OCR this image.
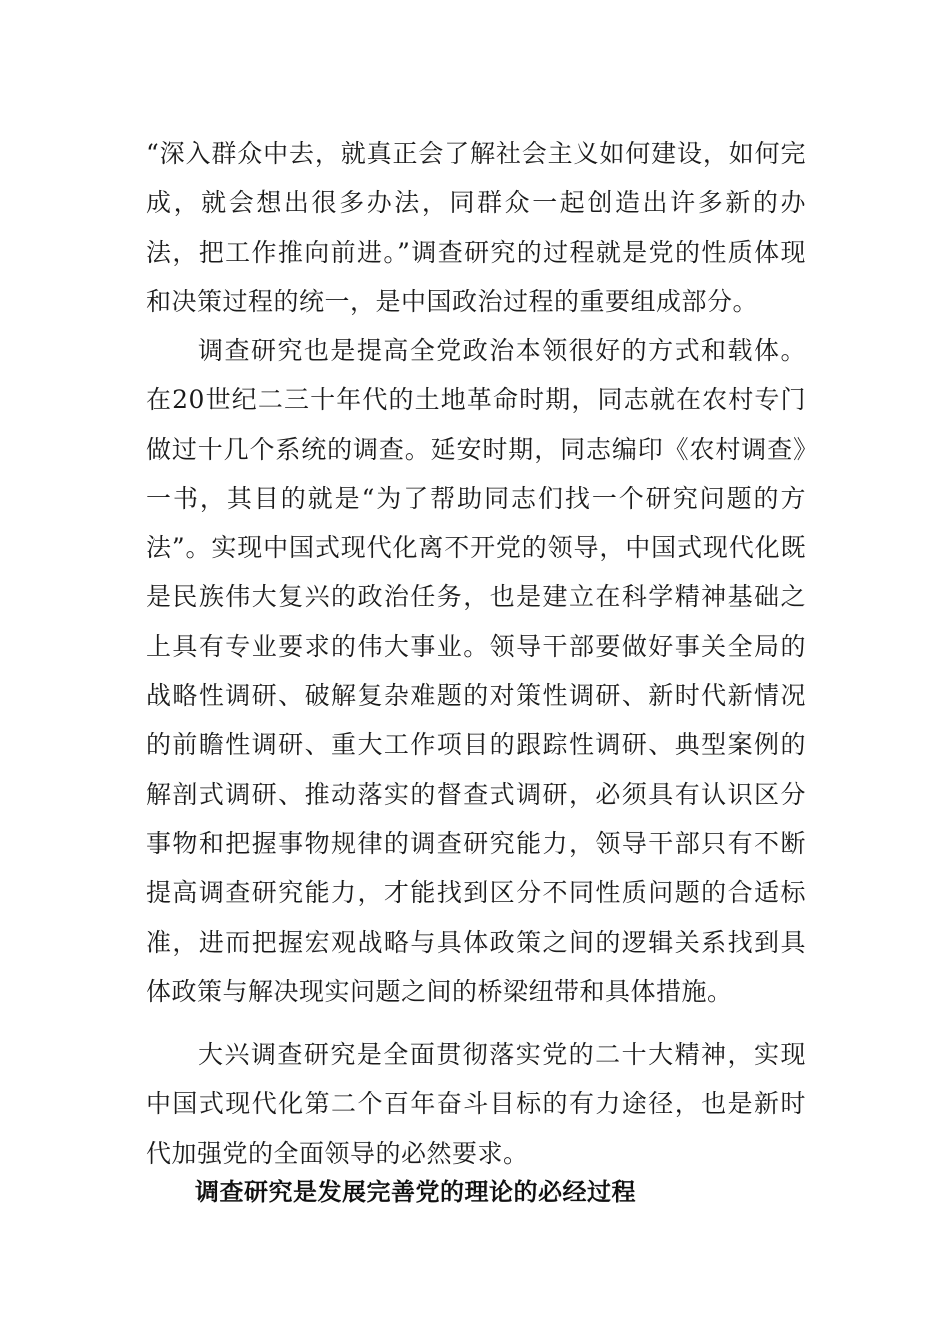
“深入群众中去，就真正会了解社会主义如何建设，如何完成，就会想出很多办法，同群众一起创造出许多新的办法，把工作推向前进。”调查研究的过程就是党的性质体现和决策过程的统一，是中国政治过程的重要组成部分。

调查研究也是提高全党政治本领很好的方式和载体。在20世纪二三十年代的土地革命时期，同志就在农村专门做过十几个系统的调查。延安时期，同志编印《农村调查》一书，其目的就是“为了帮助同志们找一个研究问题的方法”。实现中国式现代化离不开党的领导，中国式现代化既是民族伟大复兴的政治任务，也是建立在科学精神基础之上具有专业要求的伟大事业。领导干部要做好事关全局的战略性调研、破解复杂难题的对策性调研、新时代新情况的前瞻性调研、重大工作项目的跟踪性调研、典型案例的解剖式调研、推动落实的督查式调研，必须具有认识区分事物和把握事物规律的调查研究能力，领导干部只有不断提高调查研究能力，才能找到区分不同性质问题的合适标准，进而把握宏观战略与具体政策之间的逻辑关系找到具体政策与解决现实问题之间的桥梁纽带和具体措施。

大兴调查研究是全面贯彻落实党的二十大精神，实现中国式现代化第二个百年奋斗目标的有力途径，也是新时代加强党的全面领导的必然要求。

调查研究是发展完善党的理论的必经过程
